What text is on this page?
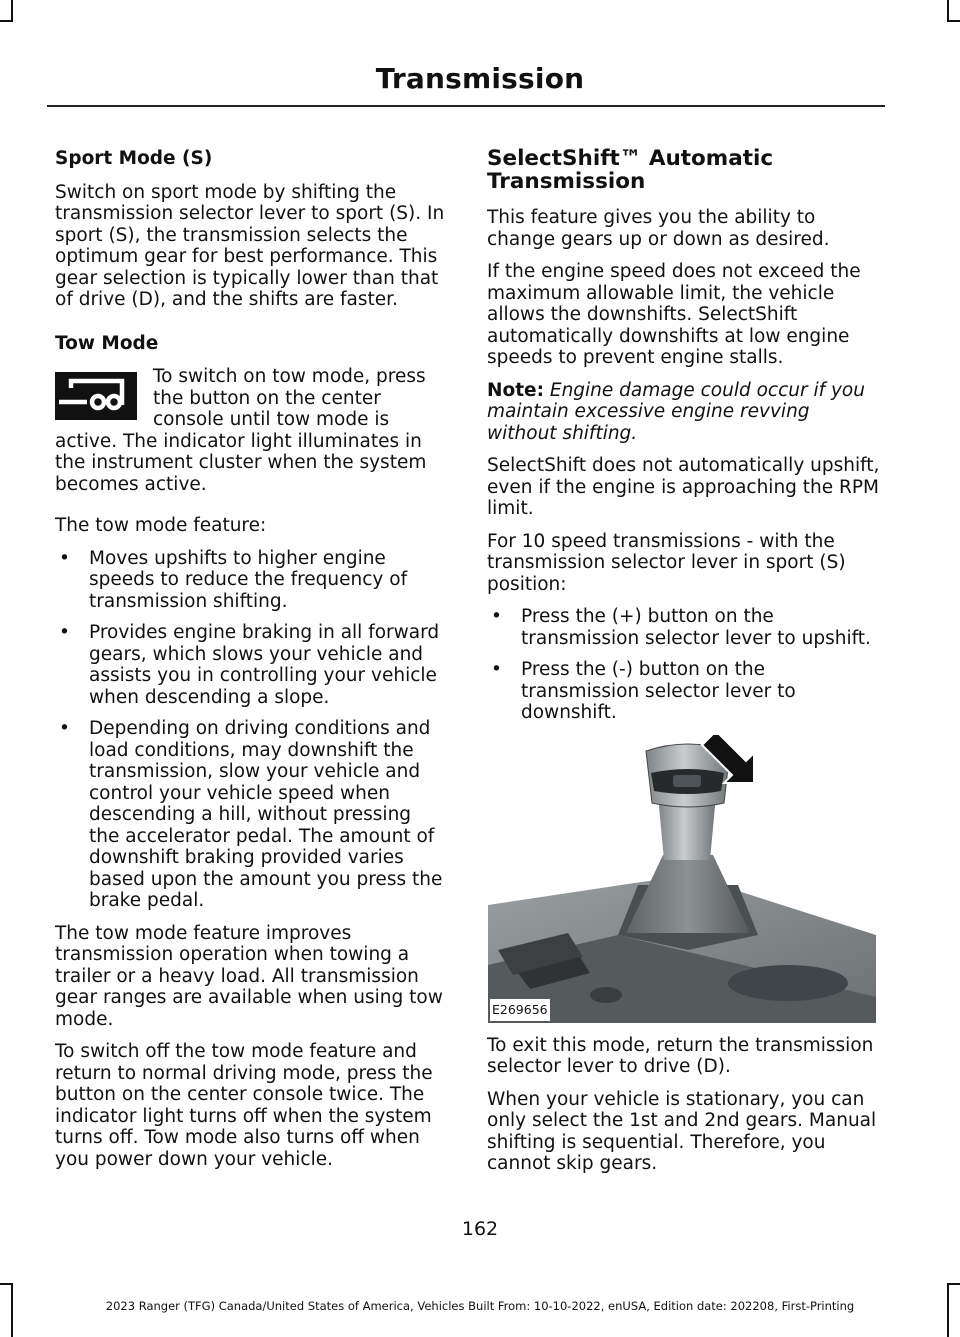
Transmission
Sport Mode (S)

Switch on sport mode by shifting the transmission selector lever to sport (S). In sport (S), the transmission selects the optimum gear for best performance. This gear selection is typically lower than that of drive (D), and the shifts are faster.

Tow Mode
To switch on tow mode, press the button on the center console until tow mode is active. The indicator light illuminates in the instrument cluster when the system becomes active.

The tow mode feature:

• Moves upshifts to higher engine speeds to reduce the frequency of transmission shifting.
• Provides engine braking in all forward gears, which slows your vehicle and assists you in controlling your vehicle when descending a slope.
• Depending on driving conditions and load conditions, may downshift the transmission, slow your vehicle and control your vehicle speed when descending a hill, without pressing the accelerator pedal. The amount of downshift braking provided varies based upon the amount you press the brake pedal.

The tow mode feature improves transmission operation when towing a trailer or a heavy load. All transmission gear ranges are available when using tow mode.

To switch off the tow mode feature and return to normal driving mode, press the button on the center console twice. The indicator light turns off when the system turns off. Tow mode also turns off when you power down your vehicle.

SelectShift™ Automatic Transmission

This feature gives you the ability to change gears up or down as desired.

If the engine speed does not exceed the maximum allowable limit, the vehicle allows the downshifts. SelectShift automatically downshifts at low engine speeds to prevent engine stalls.

Note: Engine damage could occur if you maintain excessive engine revving without shifting.

SelectShift does not automatically upshift, even if the engine is approaching the RPM limit.

For 10 speed transmissions - with the transmission selector lever in sport (S) position:

• Press the (+) button on the transmission selector lever to upshift.
• Press the (-) button on the transmission selector lever to downshift.
E269656

To exit this mode, return the transmission selector lever to drive (D).

When your vehicle is stationary, you can only select the 1st and 2nd gears. Manual shifting is sequential. Therefore, you cannot skip gears.

162
2023 Ranger (TFG) Canada/United States of America, Vehicles Built From: 10-10-2022, enUSA, Edition date: 202208, First-Printing
